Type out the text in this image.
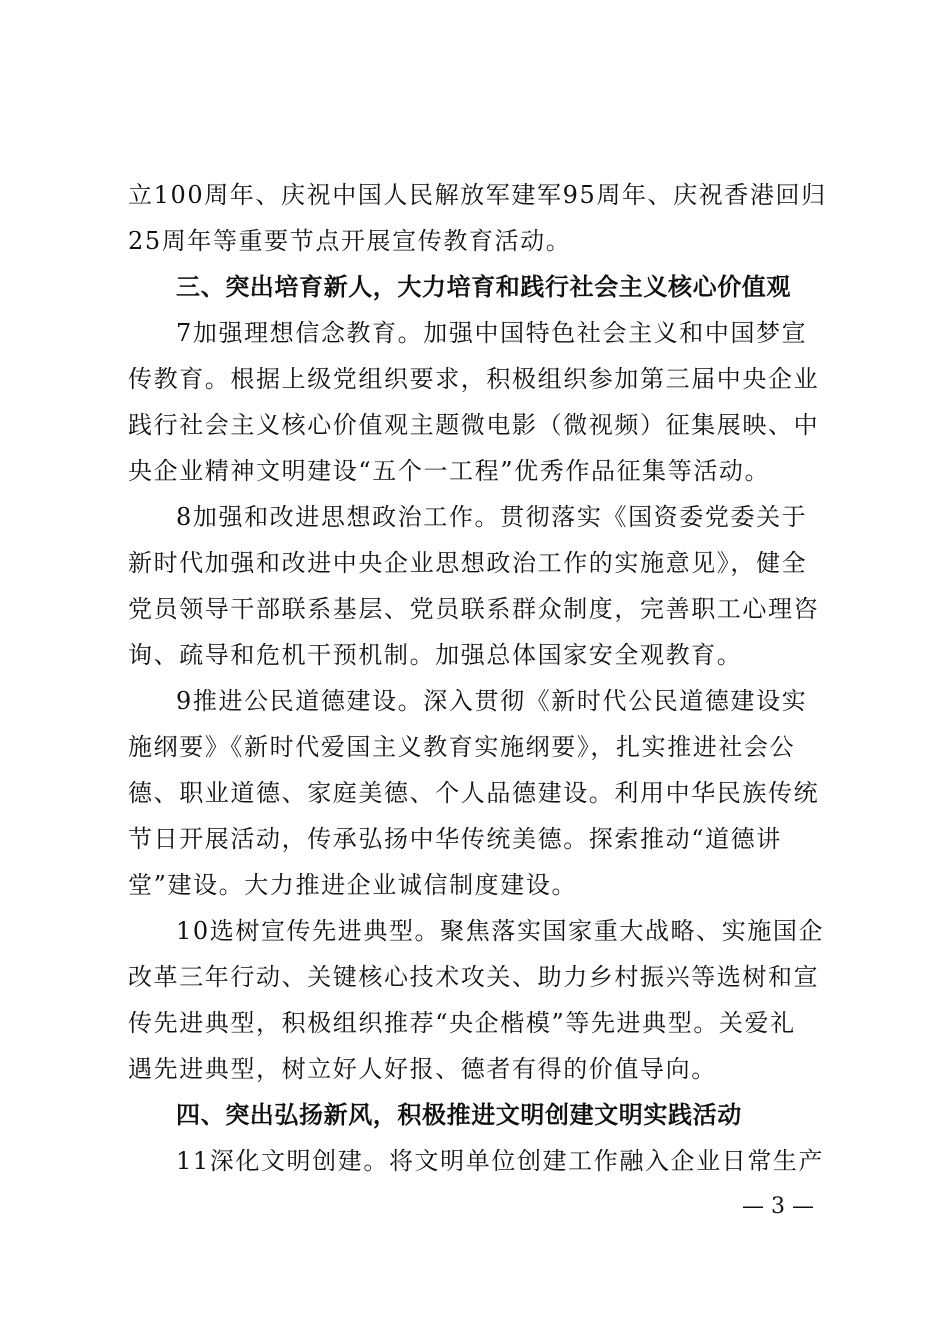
立100周年、庆祝中国人民解放军建军95周年、庆祝香港回归
25周年等重要节点开展宣传教育活动。
三、突出培育新人，大力培育和践行社会主义核心价值观
7加强理想信念教育。加强中国特色社会主义和中国梦宣
传教育。根据上级党组织要求，积极组织参加第三届中央企业
践行社会主义核心价值观主题微电影（微视频）征集展映、中
央企业精神文明建设“五个一工程”优秀作品征集等活动。
8加强和改进思想政治工作。贯彻落实《国资委党委关于
新时代加强和改进中央企业思想政治工作的实施意见》，健全
党员领导干部联系基层、党员联系群众制度，完善职工心理咨
询、疏导和危机干预机制。加强总体国家安全观教育。
9推进公民道德建设。深入贯彻《新时代公民道德建设实
施纲要》《新时代爱国主义教育实施纲要》，扎实推进社会公
德、职业道德、家庭美德、个人品德建设。利用中华民族传统
节日开展活动，传承弘扬中华传统美德。探索推动“道德讲
堂”建设。大力推进企业诚信制度建设。
10选树宣传先进典型。聚焦落实国家重大战略、实施国企
改革三年行动、关键核心技术攻关、助力乡村振兴等选树和宣
传先进典型，积极组织推荐“央企楷模”等先进典型。关爱礼
遇先进典型，树立好人好报、德者有得的价值导向。
四、突出弘扬新风，积极推进文明创建文明实践活动
11深化文明创建。将文明单位创建工作融入企业日常生产
— 3 —
